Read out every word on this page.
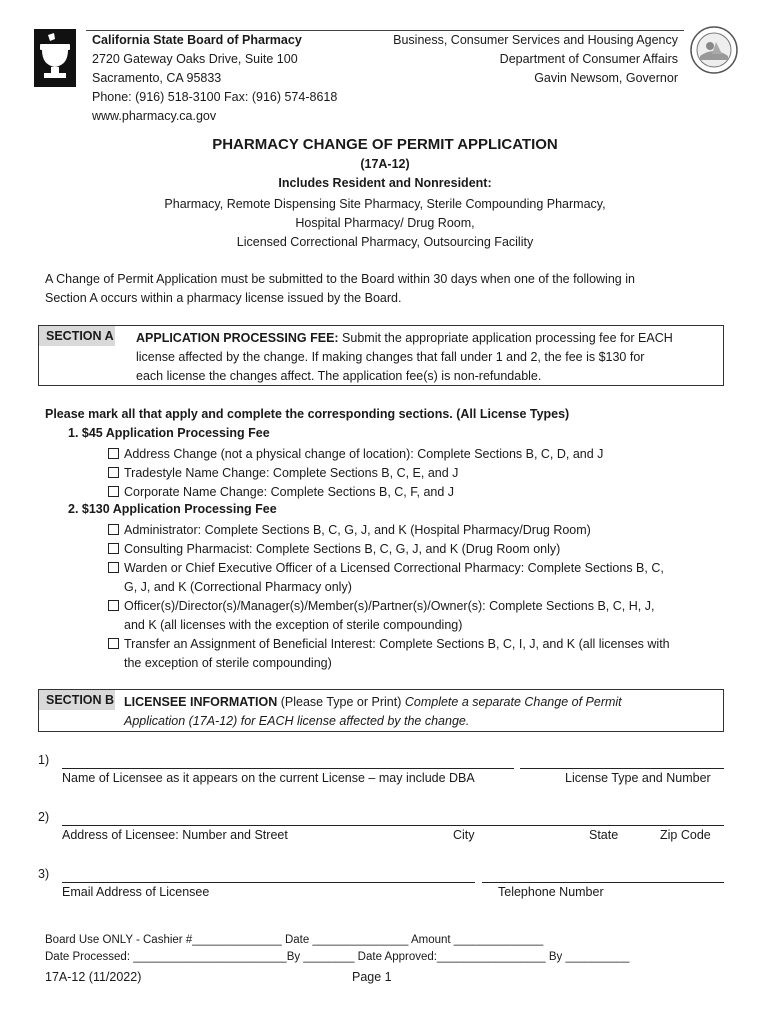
California State Board of Pharmacy
2720 Gateway Oaks Drive, Suite 100
Sacramento, CA 95833
Phone: (916) 518-3100 Fax: (916) 574-8618
www.pharmacy.ca.gov
Business, Consumer Services and Housing Agency
Department of Consumer Affairs
Gavin Newsom, Governor
PHARMACY CHANGE OF PERMIT APPLICATION
(17A-12)
Includes Resident and Nonresident:
Pharmacy, Remote Dispensing Site Pharmacy, Sterile Compounding Pharmacy,
Hospital Pharmacy/ Drug Room,
Licensed Correctional Pharmacy, Outsourcing Facility
A Change of Permit Application must be submitted to the Board within 30 days when one of the following in
Section A occurs within a pharmacy license issued by the Board.
SECTION A APPLICATION PROCESSING FEE: Submit the appropriate application processing fee for EACH
license affected by the change. If making changes that fall under 1 and 2, the fee is $130 for
each license the changes affect. The application fee(s) is non-refundable.
Please mark all that apply and complete the corresponding sections. (All License Types)
1. $45 Application Processing Fee
Address Change (not a physical change of location): Complete Sections B, C, D, and J
Tradestyle Name Change: Complete Sections B, C, E, and J
Corporate Name Change: Complete Sections B, C, F, and J
2. $130 Application Processing Fee
Administrator: Complete Sections B, C, G, J, and K (Hospital Pharmacy/Drug Room)
Consulting Pharmacist: Complete Sections B, C, G, J, and K (Drug Room only)
Warden or Chief Executive Officer of a Licensed Correctional Pharmacy: Complete Sections B, C,
G, J, and K (Correctional Pharmacy only)
Officer(s)/Director(s)/Manager(s)/Member(s)/Partner(s)/Owner(s): Complete Sections B, C, H, J,
and K (all licenses with the exception of sterile compounding)
Transfer an Assignment of Beneficial Interest: Complete Sections B, C, I, J, and K (all licenses with
the exception of sterile compounding)
SECTION B LICENSEE INFORMATION (Please Type or Print) Complete a separate Change of Permit
Application (17A-12) for EACH license affected by the change.
1)
Name of Licensee as it appears on the current License – may include DBA	License Type and Number
2)
Address of Licensee: Number and Street	City	State	Zip Code
3)
Email Address of Licensee	Telephone Number
Board Use ONLY - Cashier #______________ Date _______________ Amount ______________
Date Processed: ________________________By ________ Date Approved:_________________ By __________
17A-12 (11/2022)	Page 1
